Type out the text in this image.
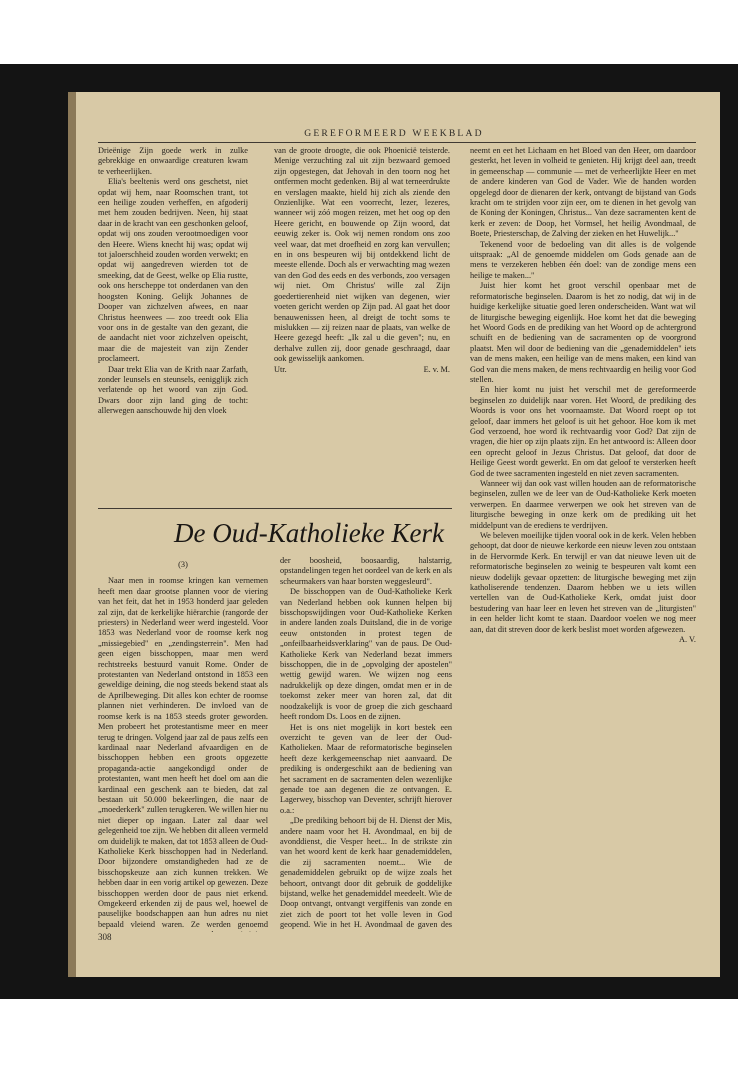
GEREFORMEERD WEEKBLAD

Drieënige Zijn goede werk in zulke gebrekkige en onwaardige creaturen kwam te verheerlijken.

Elia's beeltenis werd ons geschetst, niet opdat wij hem, naar Roomschen trant, tot een heilige zouden verheffen, en afgoderij met hem zouden bedrijven. Neen, hij staat daar in de kracht van een geschonken geloof, opdat wij ons zouden verootmoedigen voor den Heere. Wiens knecht hij was; opdat wij tot jaloerschheid zouden worden verwekt; en opdat wij aangedreven wierden tot de smeeking, dat de Geest, welke op Elia rustte, ook ons herscheppe tot onderdanen van den hoogsten Koning. Gelijk Johannes de Dooper van zichzelven afwees, en naar Christus heenwees — zoo treedt ook Elia voor ons in de gestalte van den gezant, die de aandacht niet voor zichzelven opeischt, maar die de majesteit van zijn Zender proclameert.

Daar trekt Elia van de Krith naar Zarfath, zonder leunsels en steunsels, eenigglijk zich verlatende op het woord van zijn God. Dwars door zijn land ging de tocht: allerwegen aanschouwde hij den vloek

van de groote droogte, die ook Phoenicië teisterde. Menige verzuchting zal uit zijn bezwaard gemoed zijn opgestegen, dat Jehovah in den toorn nog het ontfermen mocht gedenken. Bij al wat terneerdrukte en verslagen maakte, hield hij zich als ziende den Onzienlijke. Wat een voorrecht, lezer, lezeres, wanneer wij zóó mogen reizen, met het oog op den Heere gericht, en bouwende op Zijn woord, dat eeuwig zeker is. Ook wij nemen rondom ons zoo veel waar, dat met droefheid en zorg kan vervullen; en in ons bespeuren wij bij ontdekkend licht de meeste ellende. Doch als er verwachting mag wezen van den God des eeds en des verbonds, zoo versagen wij niet. Om Christus' wille zal Zijn goedertierenheid niet wijken van degenen, wier voeten gericht werden op Zijn pad. Al gaat het door benauwenissen heen, al dreigt de tocht soms te mislukken — zij reizen naar de plaats, van welke de Heere gezegd heeft: „Ik zal u die geven"; nu, en derhalve zullen zij, door genade geschraagd, daar ook gewisselijk aankomen.

Utr.	E. v. M.
De Oud-Katholieke Kerk

(3)

Naar men in roomse kringen kan vernemen heeft men daar grootse plannen voor de viering van het feit, dat het in 1953 honderd jaar geleden zal zijn, dat de kerkelijke hiërarchie (rangorde der priesters) in Nederland weer werd ingesteld. Voor 1853 was Nederland voor de roomse kerk nog „missiegebied" en „zendingsterrein". Men had geen eigen bisschoppen, maar men werd rechtstreeks bestuurd vanuit Rome. Onder de protestanten van Nederland ontstond in 1853 een geweldige deining, die nog steeds bekend staat als de Aprilbeweging. Dit alles kon echter de roomse plannen niet verhinderen. De invloed van de roomse kerk is na 1853 steeds groter geworden. Men probeert het protestantisme meer en meer terug te dringen. Volgend jaar zal de paus zelfs een kardinaal naar Nederland afvaardigen en de bisschoppen hebben een groots opgezette propaganda-actie aangekondigd onder de protestanten, want men heeft het doel om aan die kardinaal een geschenk aan te bieden, dat zal bestaan uit 50.000 bekeerlingen, die naar de „moederkerk" zullen terugkeren. We willen hier nu niet dieper op ingaan. Later zal daar wel gelegenheid toe zijn. We hebben dit alleen vermeld om duidelijk te maken, dat tot 1853 alleen de Oud-Katholieke Kerk bisschoppen had in Nederland. Door bijzondere omstandigheden had ze de bisschopskeuze aan zich kunnen trekken. We hebben daar in een vorig artikel op gewezen. Deze bisschoppen werden door de paus niet erkend. Omgekeerd erkenden zij de paus wel, hoewel de pauselijke boodschappen aan hun adres nu niet bepaald vleiend waren. Ze werden genoemd

der boosheid, boosaardig, halstarrig, opstandelingen tegen het oordeel van de kerk en als scheurmakers van haar borsten weggesleurd".

De bisschoppen van de Oud-Katholieke Kerk van Nederland hebben ook kunnen helpen bij bisschopswijdingen voor Oud-Katholieke Kerken in andere landen zoals Duitsland, die in de vorige eeuw ontstonden in protest tegen de „onfeilbaarheidsverklaring" van de paus. De Oud-Katholieke Kerk van Nederland bezat immers bisschoppen, die in de „opvolging der apostelen" wettig gewijd waren. We wijzen nog eens nadrukkelijk op deze dingen, omdat men er in de toekomst zeker meer van horen zal, dat dit noodzakelijk is voor de groep die zich geschaard heeft rondom Ds. Loos en de zijnen.

Het is ons niet mogelijk in kort bestek een overzicht te geven van de leer der Oud-Katholieken. Maar de reformatorische beginselen heeft deze kerkgemeenschap niet aanvaard. De prediking is ondergeschikt aan de bediening van het sacrament en de sacramenten delen wezenlijke genade toe aan degenen die ze ontvangen. E. Lagerwey, bisschop van Deventer, schrijft hierover o.a.:

„De prediking behoort bij de H. Dienst der Mis, andere naam voor het H. Avondmaal, en bij de avonddienst, die Vesper heet... In de strikste zin van het woord kent de kerk haar genademiddelen, die zij sacramenten noemt... Wie de genademiddelen gebruikt op de wijze zoals het behoort, ontvangt door dit gebruik de goddelijke bijstand, welke het genademiddel meedeelt. Wie de Doop ontvangt, ontvangt vergiffenis van zonde en ziet zich de poort tot het volle leven in God geopend. Wie in het H. Avondmaal de gaven des

neemt en eet het Lichaam en het Bloed van den Heer, om daardoor gesterkt, het leven in volheid te genieten. Hij krijgt deel aan, treedt in gemeenschap — communie — met de verheerlijkte Heer en met de andere kinderen van God de Vader. Wie de handen worden opgelegd door de dienaren der kerk, ontvangt de bijstand van Gods kracht om te strijden voor zijn eer, om te dienen in het gevolg van de Koning der Koningen, Christus... Van deze sacramenten kent de kerk er zeven: de Doop, het Vormsel, het heilig Avondmaal, de Boete, Priesterschap, de Zalving der zieken en het Huwelijk..."

Tekenend voor de bedoeling van dit alles is de volgende uitspraak: „Al de genoemde middelen om Gods genade aan de mens te verzekeren hebben één doel: van de zondige mens een heilige te maken..."

Juist hier komt het groot verschil openbaar met de reformatorische beginselen. Daarom is het zo nodig, dat wij in de huidige kerkelijke situatie goed leren onderscheiden. Want wat wil de liturgische beweging eigenlijk. Hoe komt het dat die beweging het Woord Gods en de prediking van het Woord op de achtergrond schuift en de bediening van de sacramenten op de voorgrond plaatst. Men wil door de bediening van die „genademiddelen" iets van de mens maken, een heilige van de mens maken, een kind van God van die mens maken, de mens rechtvaardig en heilig voor God stellen.

En hier komt nu juist het verschil met de gereformeerde beginselen zo duidelijk naar voren. Het Woord, de prediking des Woords is voor ons het voornaamste. Dat Woord roept op tot geloof, daar immers het geloof is uit het gehoor. Hoe kom ik met God verzoend, hoe word ik rechtvaardig voor God? Dat zijn de vragen, die hier op zijn plaats zijn. En het antwoord is: Alleen door een oprecht geloof in Jezus Christus. Dat geloof, dat door de Heilige Geest wordt gewerkt. En om dat geloof te versterken heeft God de twee sacramenten ingesteld en niet zeven sacramenten.

Wanneer wij dan ook vast willen houden aan de reformatorische beginselen, zullen we de leer van de Oud-Katholieke Kerk moeten verwerpen. En daarmee verwerpen we ook het streven van de liturgische beweging in onze kerk om de prediking uit het middelpunt van de erediens te verdrijven.

We beleven moeilijke tijden vooral ook in de kerk. Velen hebben gehoopt, dat door de nieuwe kerkorde een nieuw leven zou ontstaan in de Hervormde Kerk. En terwijl er van dat nieuwe leven uit de reformatorische beginselen zo weinig te bespeuren valt komt een nieuw dodelijk gevaar opzetten: de liturgische beweging met zijn katholiserende tendenzen. Daarom hebben we u iets willen vertellen van de Oud-Katholieke Kerk, omdat juist door bestudering van haar leer en leven het streven van de „liturgisten" in een helder licht komt te staan. Daardoor voelen we nog meer aan, dat dit streven door de kerk beslist moet worden afgewezen.

A. V.

308
